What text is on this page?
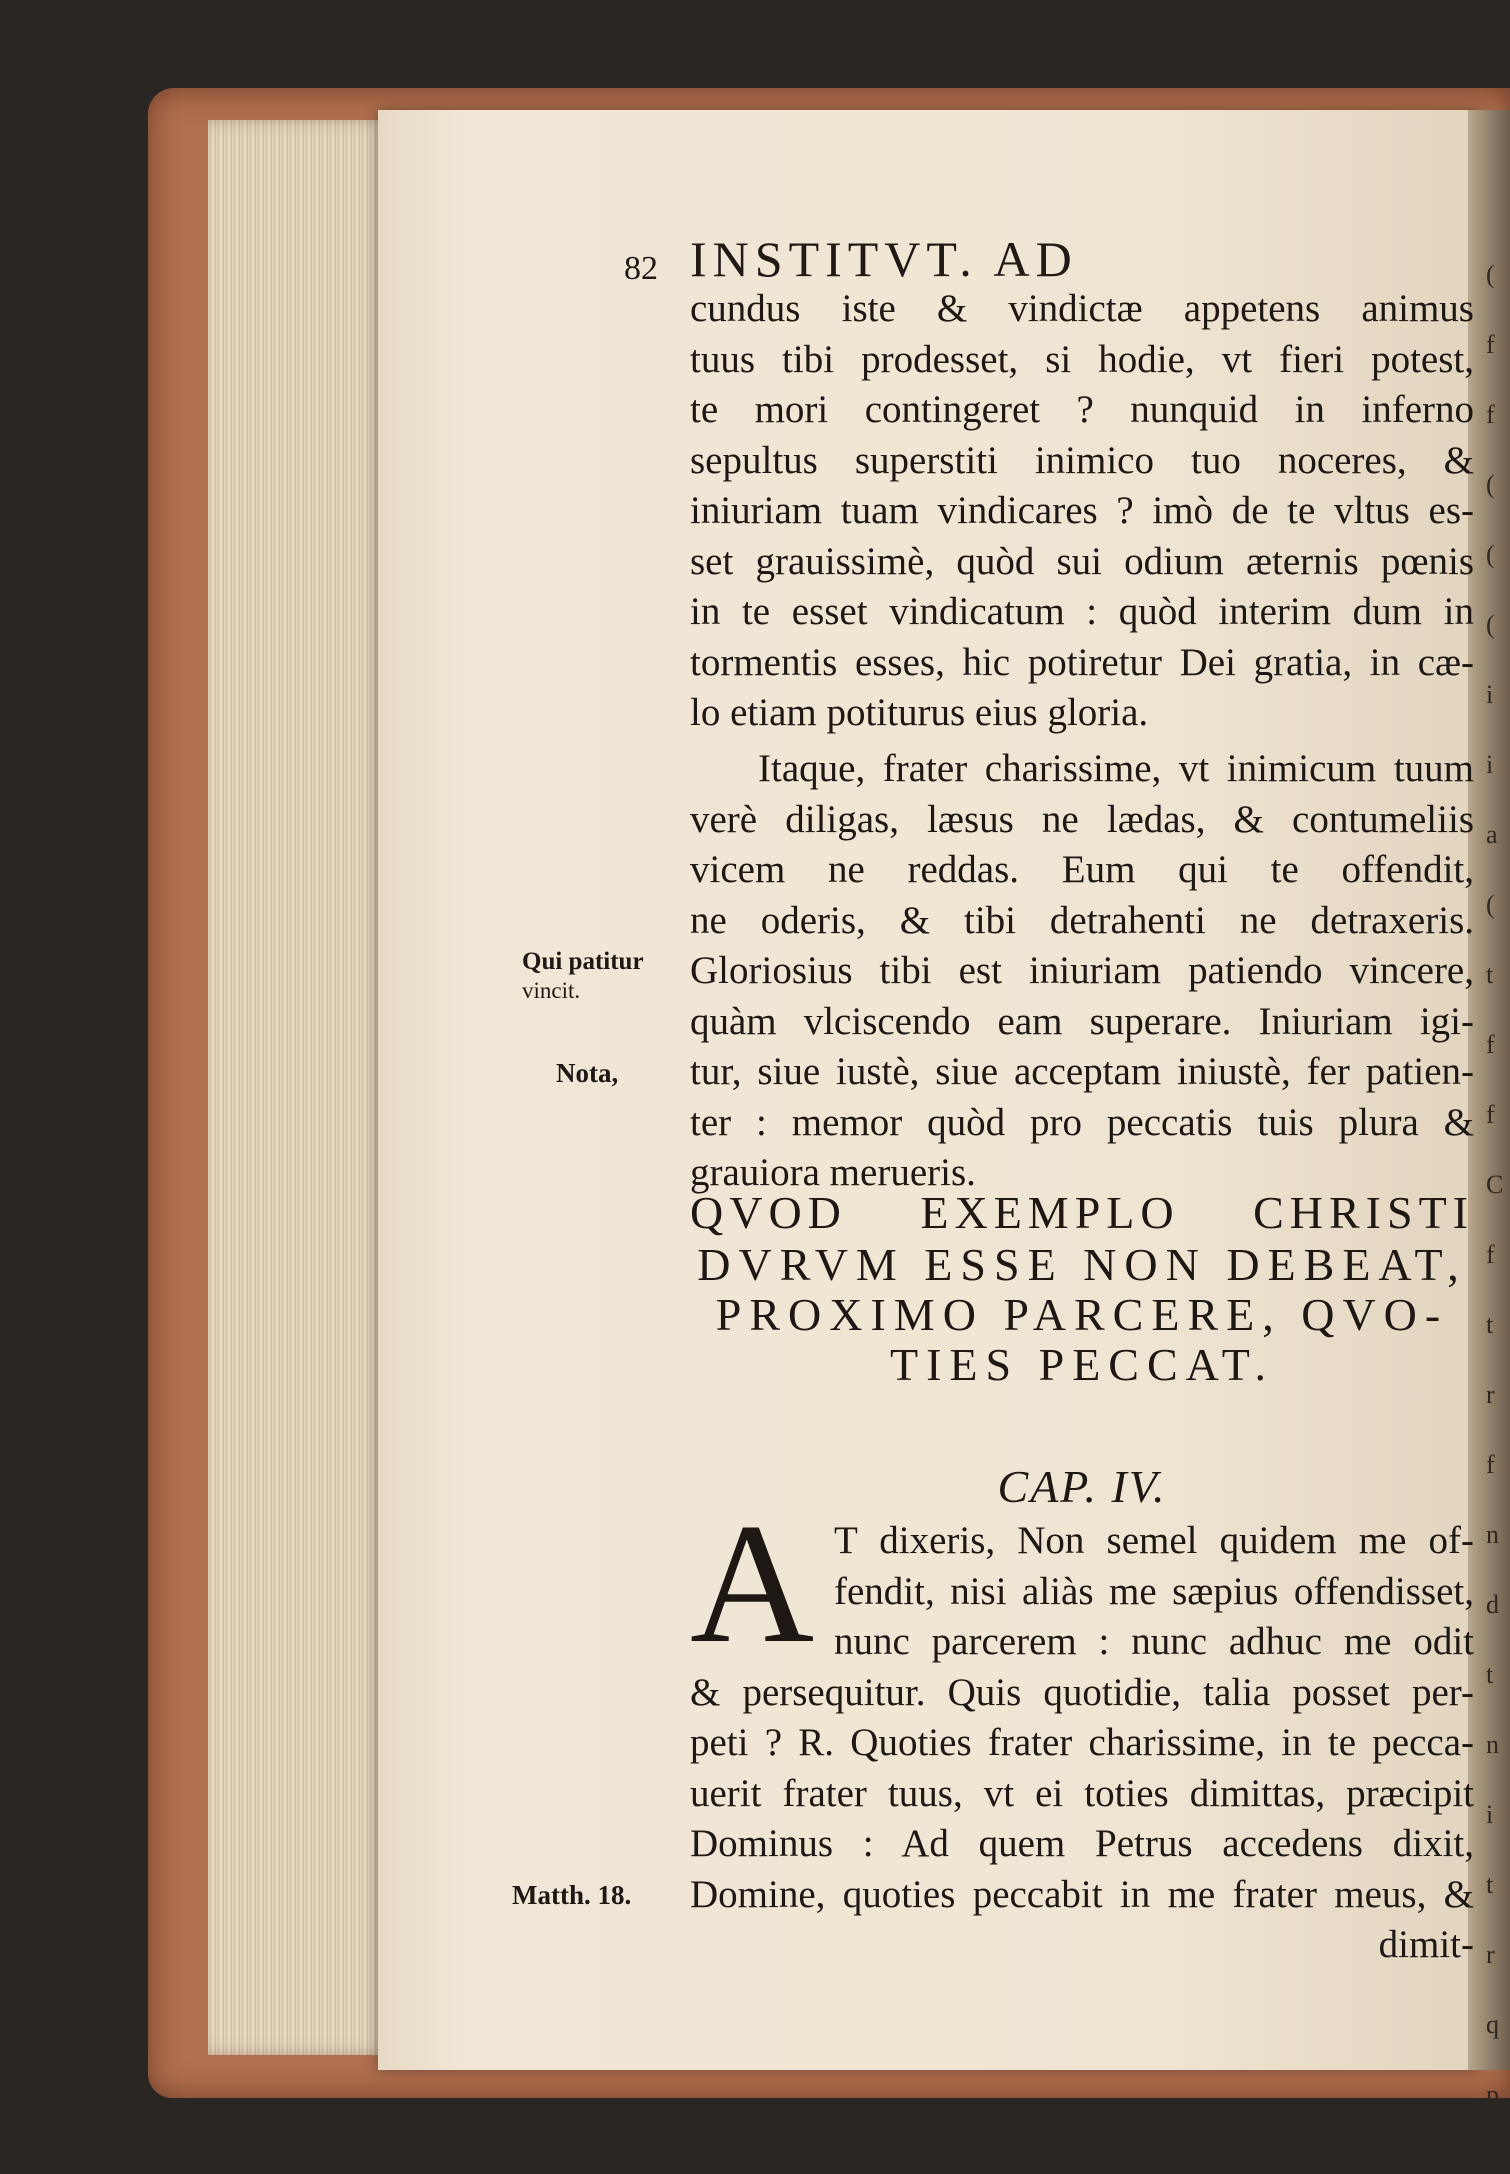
(
f
f
(
(
(
i
i
a
(
t
f
f
C
f
t
r
f
n
d
t
n
i
t
r
q
p
82 INSTITVT. AD
cundus iste & vindictæ appetens animus
tuus tibi prodesset, si hodie, vt fieri potest,
te mori contingeret ? nunquid in inferno
sepultus superstiti inimico tuo noceres, &
iniuriam tuam vindicares ? imò de te vltus es-
set grauissimè, quòd sui odium æternis pœnis
in te esset vindicatum : quòd interim dum in
tormentis esses, hic potiretur Dei gratia, in cæ-
lo etiam potiturus eius gloria.
Itaque, frater charissime, vt inimicum tuum
verè diligas, læsus ne lædas, & contumeliis
vicem ne reddas. Eum qui te offendit,
ne oderis, & tibi detrahenti ne detraxeris.
Gloriosius tibi est iniuriam patiendo vincere,
quàm vlciscendo eam superare. Iniuriam igi-
tur, siue iustè, siue acceptam iniustè, fer patien-
ter : memor quòd pro peccatis tuis plura &
grauiora merueris.
QVOD EXEMPLO CHRISTI
DVRVM ESSE NON DEBEAT,
PROXIMO PARCERE, QVO-
TIES PECCAT.
CAP. IV.
A T dixeris, Non semel quidem me of-
fendit, nisi aliàs me sæpius offendisset,
nunc parcerem : nunc adhuc me odit
& persequitur. Quis quotidie, talia posset per-
peti ? R. Quoties frater charissime, in te pecca-
uerit frater tuus, vt ei toties dimittas, præcipit
Dominus : Ad quem Petrus accedens dixit,
Domine, quoties peccabit in me frater meus, &
dimit-
Qui patitur
vincit.
Nota,
Matth. 18.
